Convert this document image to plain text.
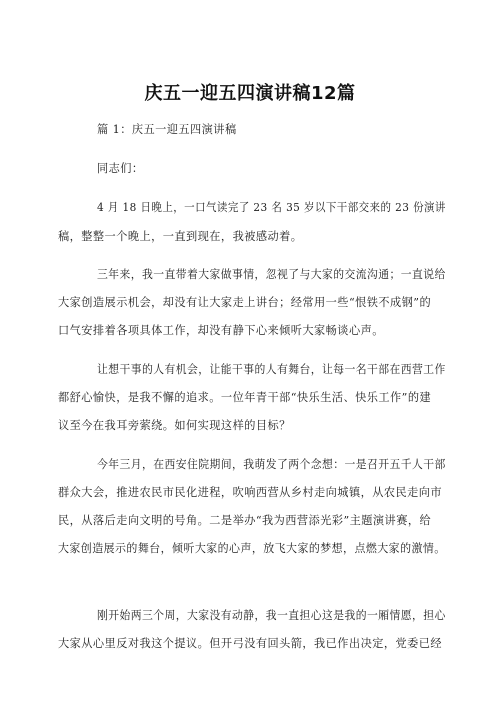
庆五一迎五四演讲稿12篇
篇 1：庆五一迎五四演讲稿
同志们：
4 月 18 日晚上，一口气读完了 23 名 35 岁以下干部交来的 23 份演讲
稿，整整一个晚上，一直到现在，我被感动着。
三年来，我一直带着大家做事情，忽视了与大家的交流沟通；一直说给
大家创造展示机会，却没有让大家走上讲台；经常用一些“恨铁不成钢”的
口气安排着各项具体工作，却没有静下心来倾听大家畅谈心声。
让想干事的人有机会，让能干事的人有舞台，让每一名干部在西营工作
都舒心愉快，是我不懈的追求。一位年青干部“快乐生活、快乐工作”的建
议至今在我耳旁萦绕。如何实现这样的目标？
今年三月，在西安住院期间，我萌发了两个念想：一是召开五千人干部
群众大会，推进农民市民化进程，吹响西营从乡村走向城镇，从农民走向市
民，从落后走向文明的号角。二是举办“我为西营添光彩”主题演讲赛，给
大家创造展示的舞台，倾听大家的心声，放飞大家的梦想，点燃大家的激情。
刚开始两三个周，大家没有动静，我一直担心这是我的一厢情愿，担心
大家从心里反对我这个提议。但开弓没有回头箭，我已作出决定，党委已经
